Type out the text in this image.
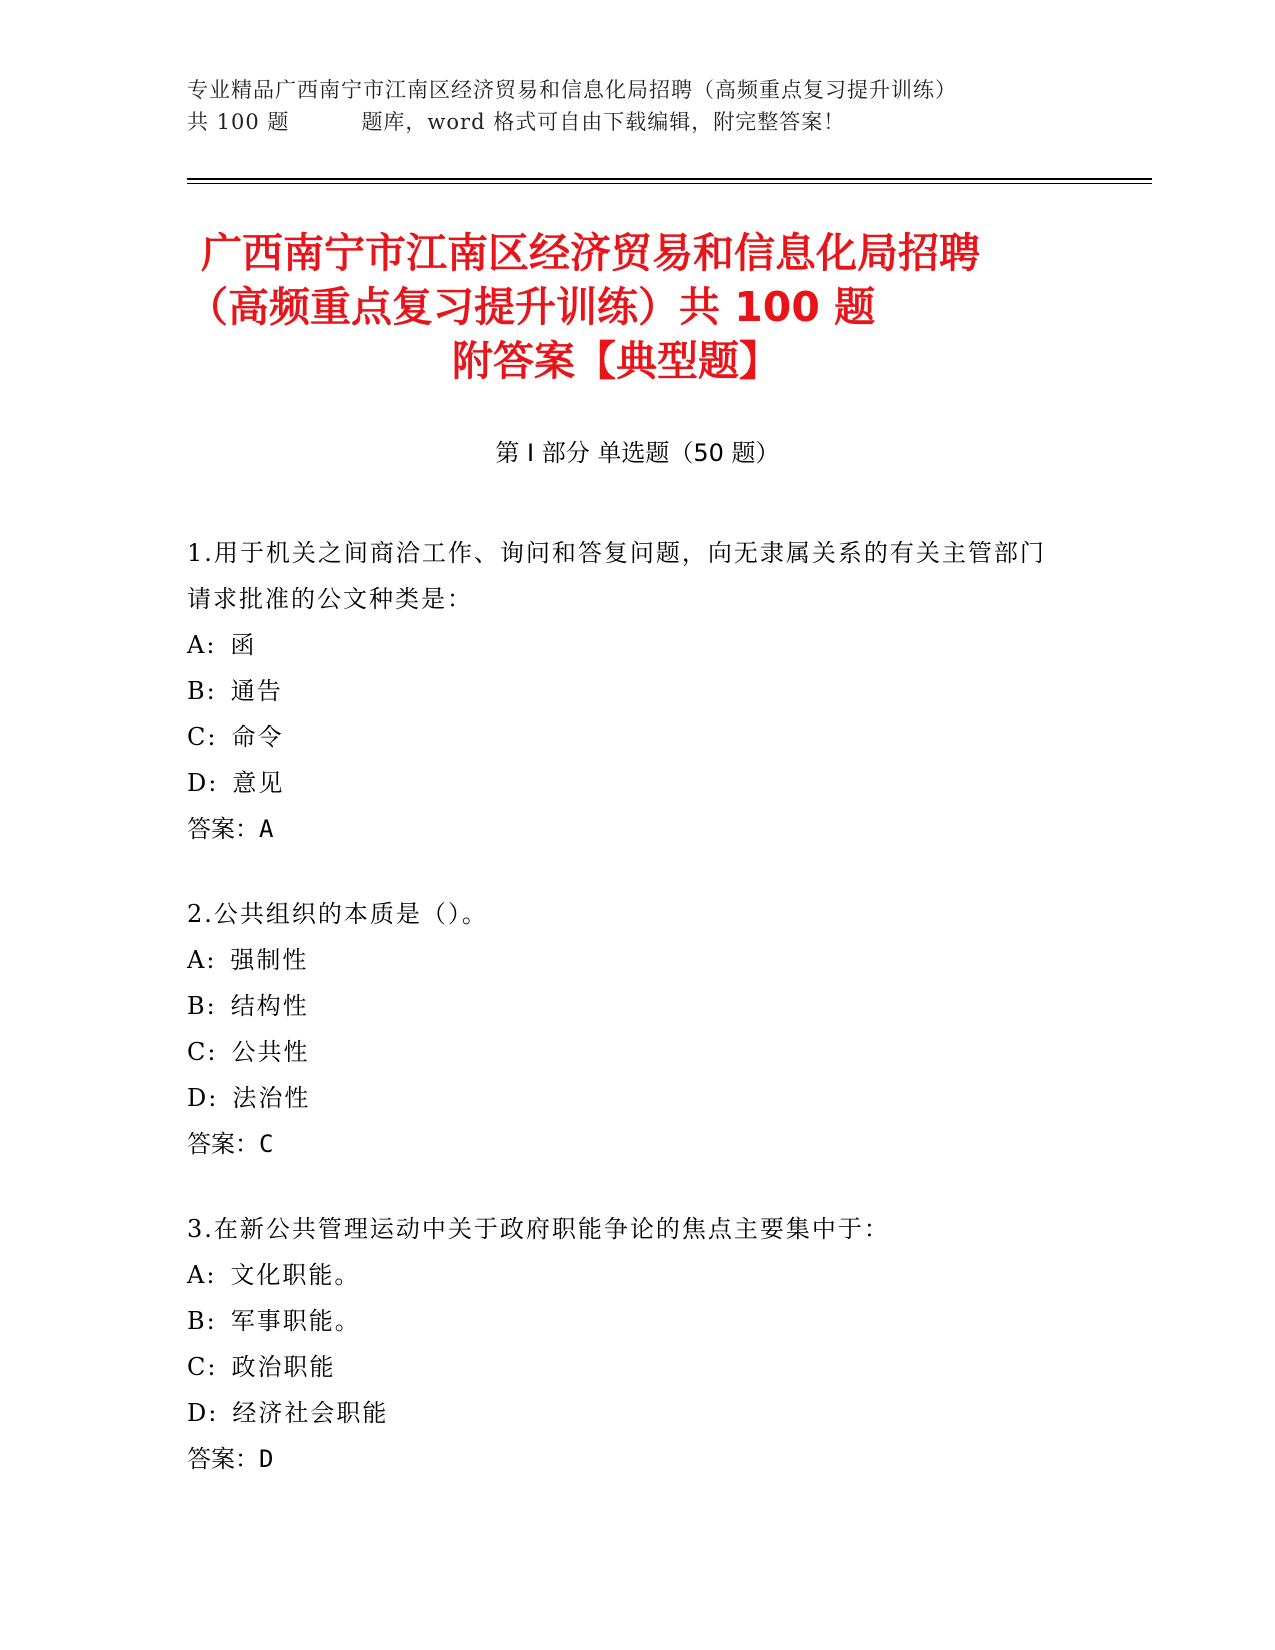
专业精品广西南宁市江南区经济贸易和信息化局招聘（高频重点复习提升训练）
共 100 题	题库，word 格式可自由下载编辑，附完整答案！
广西南宁市江南区经济贸易和信息化局招聘
（高频重点复习提升训练）共 100 题
附答案【典型题】
第 I 部分 单选题（50 题）

1.用于机关之间商洽工作、询问和答复问题，向无隶属关系的有关主管部门请求批准的公文种类是：

A: 函
B: 通告
C: 命令
D: 意见
答案：A

2.公共组织的本质是（）。

A: 强制性
B: 结构性
C: 公共性
D: 法治性
答案：C

3.在新公共管理运动中关于政府职能争论的焦点主要集中于：

A: 文化职能。
B: 军事职能。
C: 政治职能
D: 经济社会职能
答案：D
